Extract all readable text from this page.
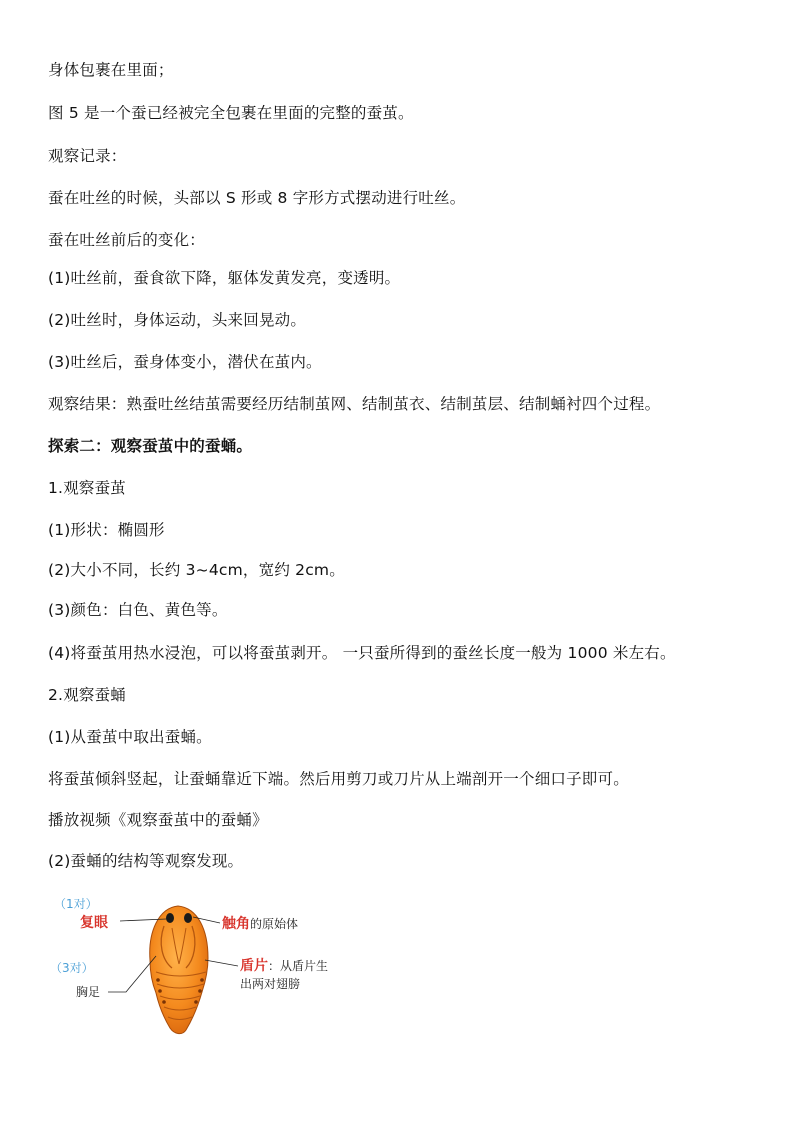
身体包裹在里面；
图 5 是一个蚕已经被完全包裹在里面的完整的蚕茧。
观察记录：
蚕在吐丝的时候，头部以 S 形或 8 字形方式摆动进行吐丝。
蚕在吐丝前后的变化：
(1)吐丝前，蚕食欲下降，躯体发黄发亮，变透明。
(2)吐丝时，身体运动，头来回晃动。
(3)吐丝后，蚕身体变小，潜伏在茧内。
观察结果：熟蚕吐丝结茧需要经历结制茧网、结制茧衣、结制茧层、结制蛹衬四个过程。
探索二：观察蚕茧中的蚕蛹。
1.观察蚕茧
(1)形状：椭圆形
(2)大小不同，长约 3~4cm，宽约 2cm。
(3)颜色：白色、黄色等。
(4)将蚕茧用热水浸泡，可以将蚕茧剥开。 一只蚕所得到的蚕丝长度一般为 1000 米左右。
2.观察蚕蛹
(1)从蚕茧中取出蚕蛹。
将蚕茧倾斜竖起，让蚕蛹靠近下端。然后用剪刀或刀片从上端剖开一个细口子即可。
播放视频《观察蚕茧中的蚕蛹》
(2)蚕蛹的结构等观察发现。
（1对）
复眼
（3对）
胸足
触角的原始体
盾片：从盾片生
出两对翅膀
